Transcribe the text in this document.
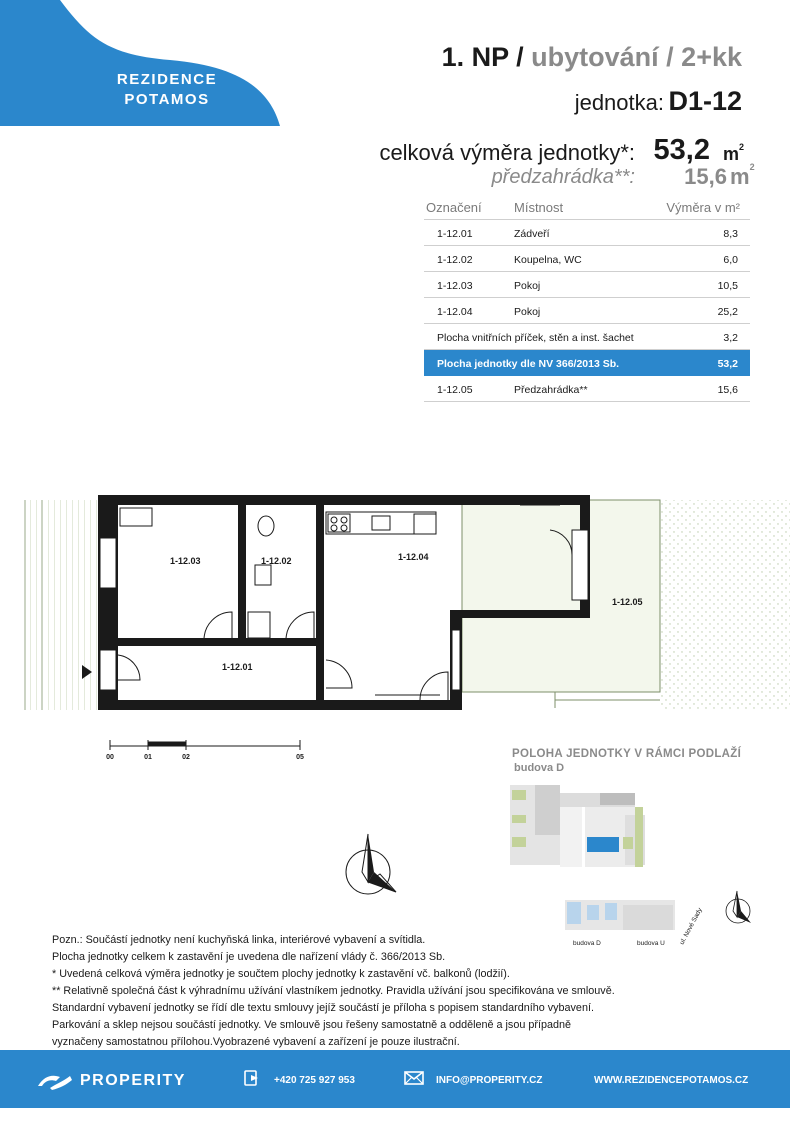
REZIDENCE
POTAMOS
1. NP / ubytování / 2+kk
jednotka: D1-12
celková výměra jednotky*: 53,2 $m^2$
předzahrádka**: 15,6 $m^2$
Označení Místnost	Výměra v m²
1-12.01	Zádveří	8,3
1-12.02	Koupelna, WC	6,0
1-12.03	Pokoj	10,5
1-12.04	Pokoj	25,2
Plocha vnitřních příček, stěn a inst. šachet	3,2
Plocha jednotky dle NV 366/2013 Sb.	53,2
1-12.05	Předzahrádka**	15,6
1-12.03	1-12.02	1-12.04
1-12.01
1-12.05
00	01	02	05	POLOHA JEDNOTKY V RÁMCI PODLAŽÍ
budova D
budova D	budova U ul. Nové Sady
Pozn.: Součástí jednotky není kuchyňská linka, interiérové vybavení a svítidla.
Plocha jednotky celkem k zastavění je uvedena dle nařízení vlády č. 366/2013 Sb.
* Uvedená celková výměra jednotky je součtem plochy jednotky k zastavění vč. balkonů (lodžií).
** Relativně společná část k výhradnímu užívání vlastníkem jednotky. Pravidla užívání jsou specifikována ve smlouvě.
Standardní vybavení jednotky se řídí dle textu smlouvy jejíž součástí je příloha s popisem standardního vybavení.
Parkování a sklep nejsou součástí jednotky. Ve smlouvě jsou řešeny samostatně a odděleně a jsou případně
vyznačeny samostatnou přílohou.Vyobrazené vybavení a zařízení je pouze ilustrační.
PROPERITY	+420 725 927 953	INFO@PROPERITY.CZ	WWW.REZIDENCEPOTAMOS.CZ
